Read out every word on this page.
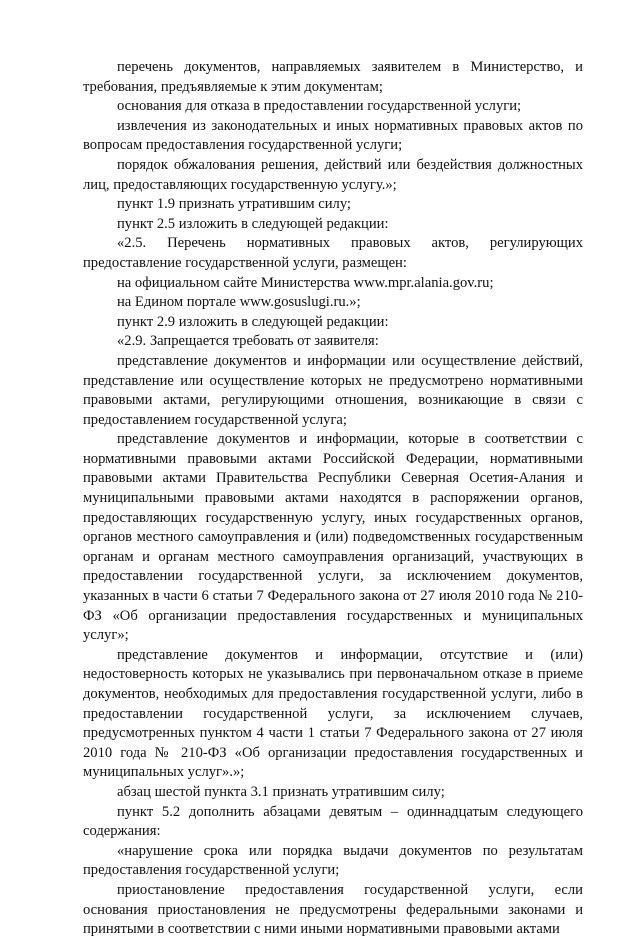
перечень документов, направляемых заявителем в Министерство, и требования, предъявляемые к этим документам;

основания для отказа в предоставлении государственной услуги;

извлечения из законодательных и иных нормативных правовых актов по вопросам предоставления государственной услуги;

порядок обжалования решения, действий или бездействия должностных лиц, предоставляющих государственную услугу.»;

пункт 1.9 признать утратившим силу;

пункт 2.5 изложить в следующей редакции:

«2.5. Перечень нормативных правовых актов, регулирующих предоставление государственной услуги, размещен:

на официальном сайте Министерства www.mpr.alania.gov.ru;

на Едином портале www.gosuslugi.ru.»;

пункт 2.9 изложить в следующей редакции:

«2.9. Запрещается требовать от заявителя:

представление документов и информации или осуществление действий, представление или осуществление которых не предусмотрено нормативными правовыми актами, регулирующими отношения, возникающие в связи с предоставлением государственной услуга;

представление документов и информации, которые в соответствии с нормативными правовыми актами Российской Федерации, нормативными правовыми актами Правительства Республики Северная Осетия-Алания и муниципальными правовыми актами находятся в распоряжении органов, предоставляющих государственную услугу, иных государственных органов, органов местного самоуправления и (или) подведомственных государственным органам и органам местного самоуправления организаций, участвующих в предоставлении государственной услуги, за исключением документов, указанных в части 6 статьи 7 Федерального закона от 27 июля 2010 года № 210-ФЗ «Об организации предоставления государственных и муниципальных услуг»;

представление документов и информации, отсутствие и (или) недостоверность которых не указывались при первоначальном отказе в приеме документов, необходимых для предоставления государственной услуги, либо в предоставлении государственной услуги, за исключением случаев, предусмотренных пунктом 4 части 1 статьи 7 Федерального закона от 27 июля 2010 года № 210-ФЗ «Об организации предоставления государственных и муниципальных услуг».»;

абзац шестой пункта 3.1 признать утратившим силу;

пункт 5.2 дополнить абзацами девятым – одиннадцатым следующего содержания:

«нарушение срока или порядка выдачи документов по результатам предоставления государственной услуги;

приостановление предоставления государственной услуги, если основания приостановления не предусмотрены федеральными законами и принятыми в соответствии с ними иными нормативными правовыми актами
